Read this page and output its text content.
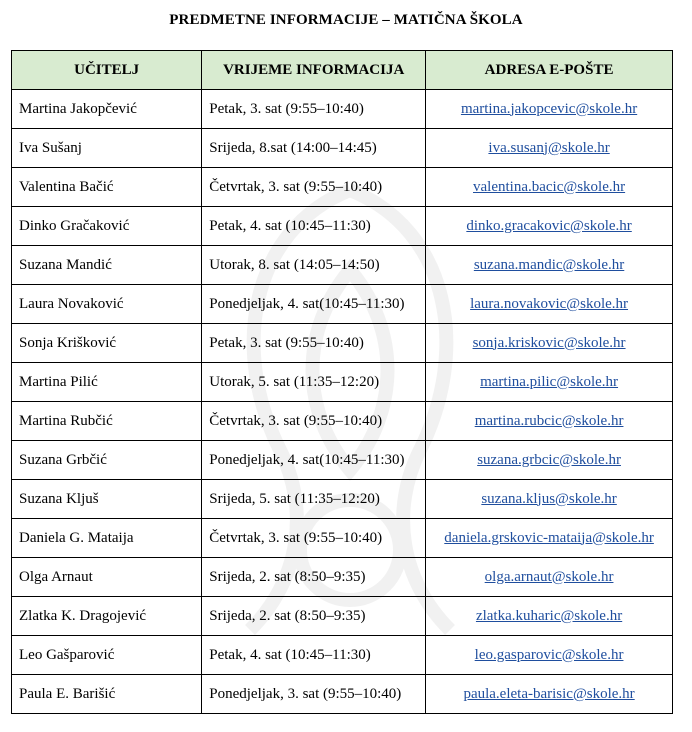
PREDMETNE INFORMACIJE – MATIČNA ŠKOLA
UČITELJ	VRIJEME INFORMACIJA	ADRESA E-POŠTE
Martina Jakopčević	Petak, 3. sat (9:55–10:40)	martina.jakopcevic@skole.hr
Iva Sušanj	Srijeda, 8.sat (14:00–14:45)	iva.susanj@skole.hr
Valentina Bačić	Četvrtak, 3. sat (9:55–10:40)	valentina.bacic@skole.hr
Dinko Gračaković	Petak, 4. sat (10:45–11:30)	dinko.gracakovic@skole.hr
Suzana Mandić	Utorak, 8. sat (14:05–14:50)	suzana.mandic@skole.hr
Laura Novaković	Ponedjeljak, 4. sat(10:45–11:30)	laura.novakovic@skole.hr
Sonja Krišković	Petak, 3. sat (9:55–10:40)	sonja.kriskovic@skole.hr
Martina Pilić	Utorak, 5. sat (11:35–12:20)	martina.pilic@skole.hr
Martina Rubčić	Četvrtak, 3. sat (9:55–10:40)	martina.rubcic@skole.hr
Suzana Grbčić	Ponedjeljak, 4. sat(10:45–11:30)	suzana.grbcic@skole.hr
Suzana Kljuš	Srijeda, 5. sat (11:35–12:20)	suzana.kljus@skole.hr
Daniela G. Mataija	Četvrtak, 3. sat (9:55–10:40)	daniela.grskovic-mataija@skole.hr
Olga Arnaut	Srijeda, 2. sat (8:50–9:35)	olga.arnaut@skole.hr
Zlatka K. Dragojević	Srijeda, 2. sat (8:50–9:35)	zlatka.kuharic@skole.hr
Leo Gašparović	Petak, 4. sat (10:45–11:30)	leo.gasparovic@skole.hr
Paula E. Barišić	Ponedjeljak, 3. sat (9:55–10:40)	paula.eleta-barisic@skole.hr
